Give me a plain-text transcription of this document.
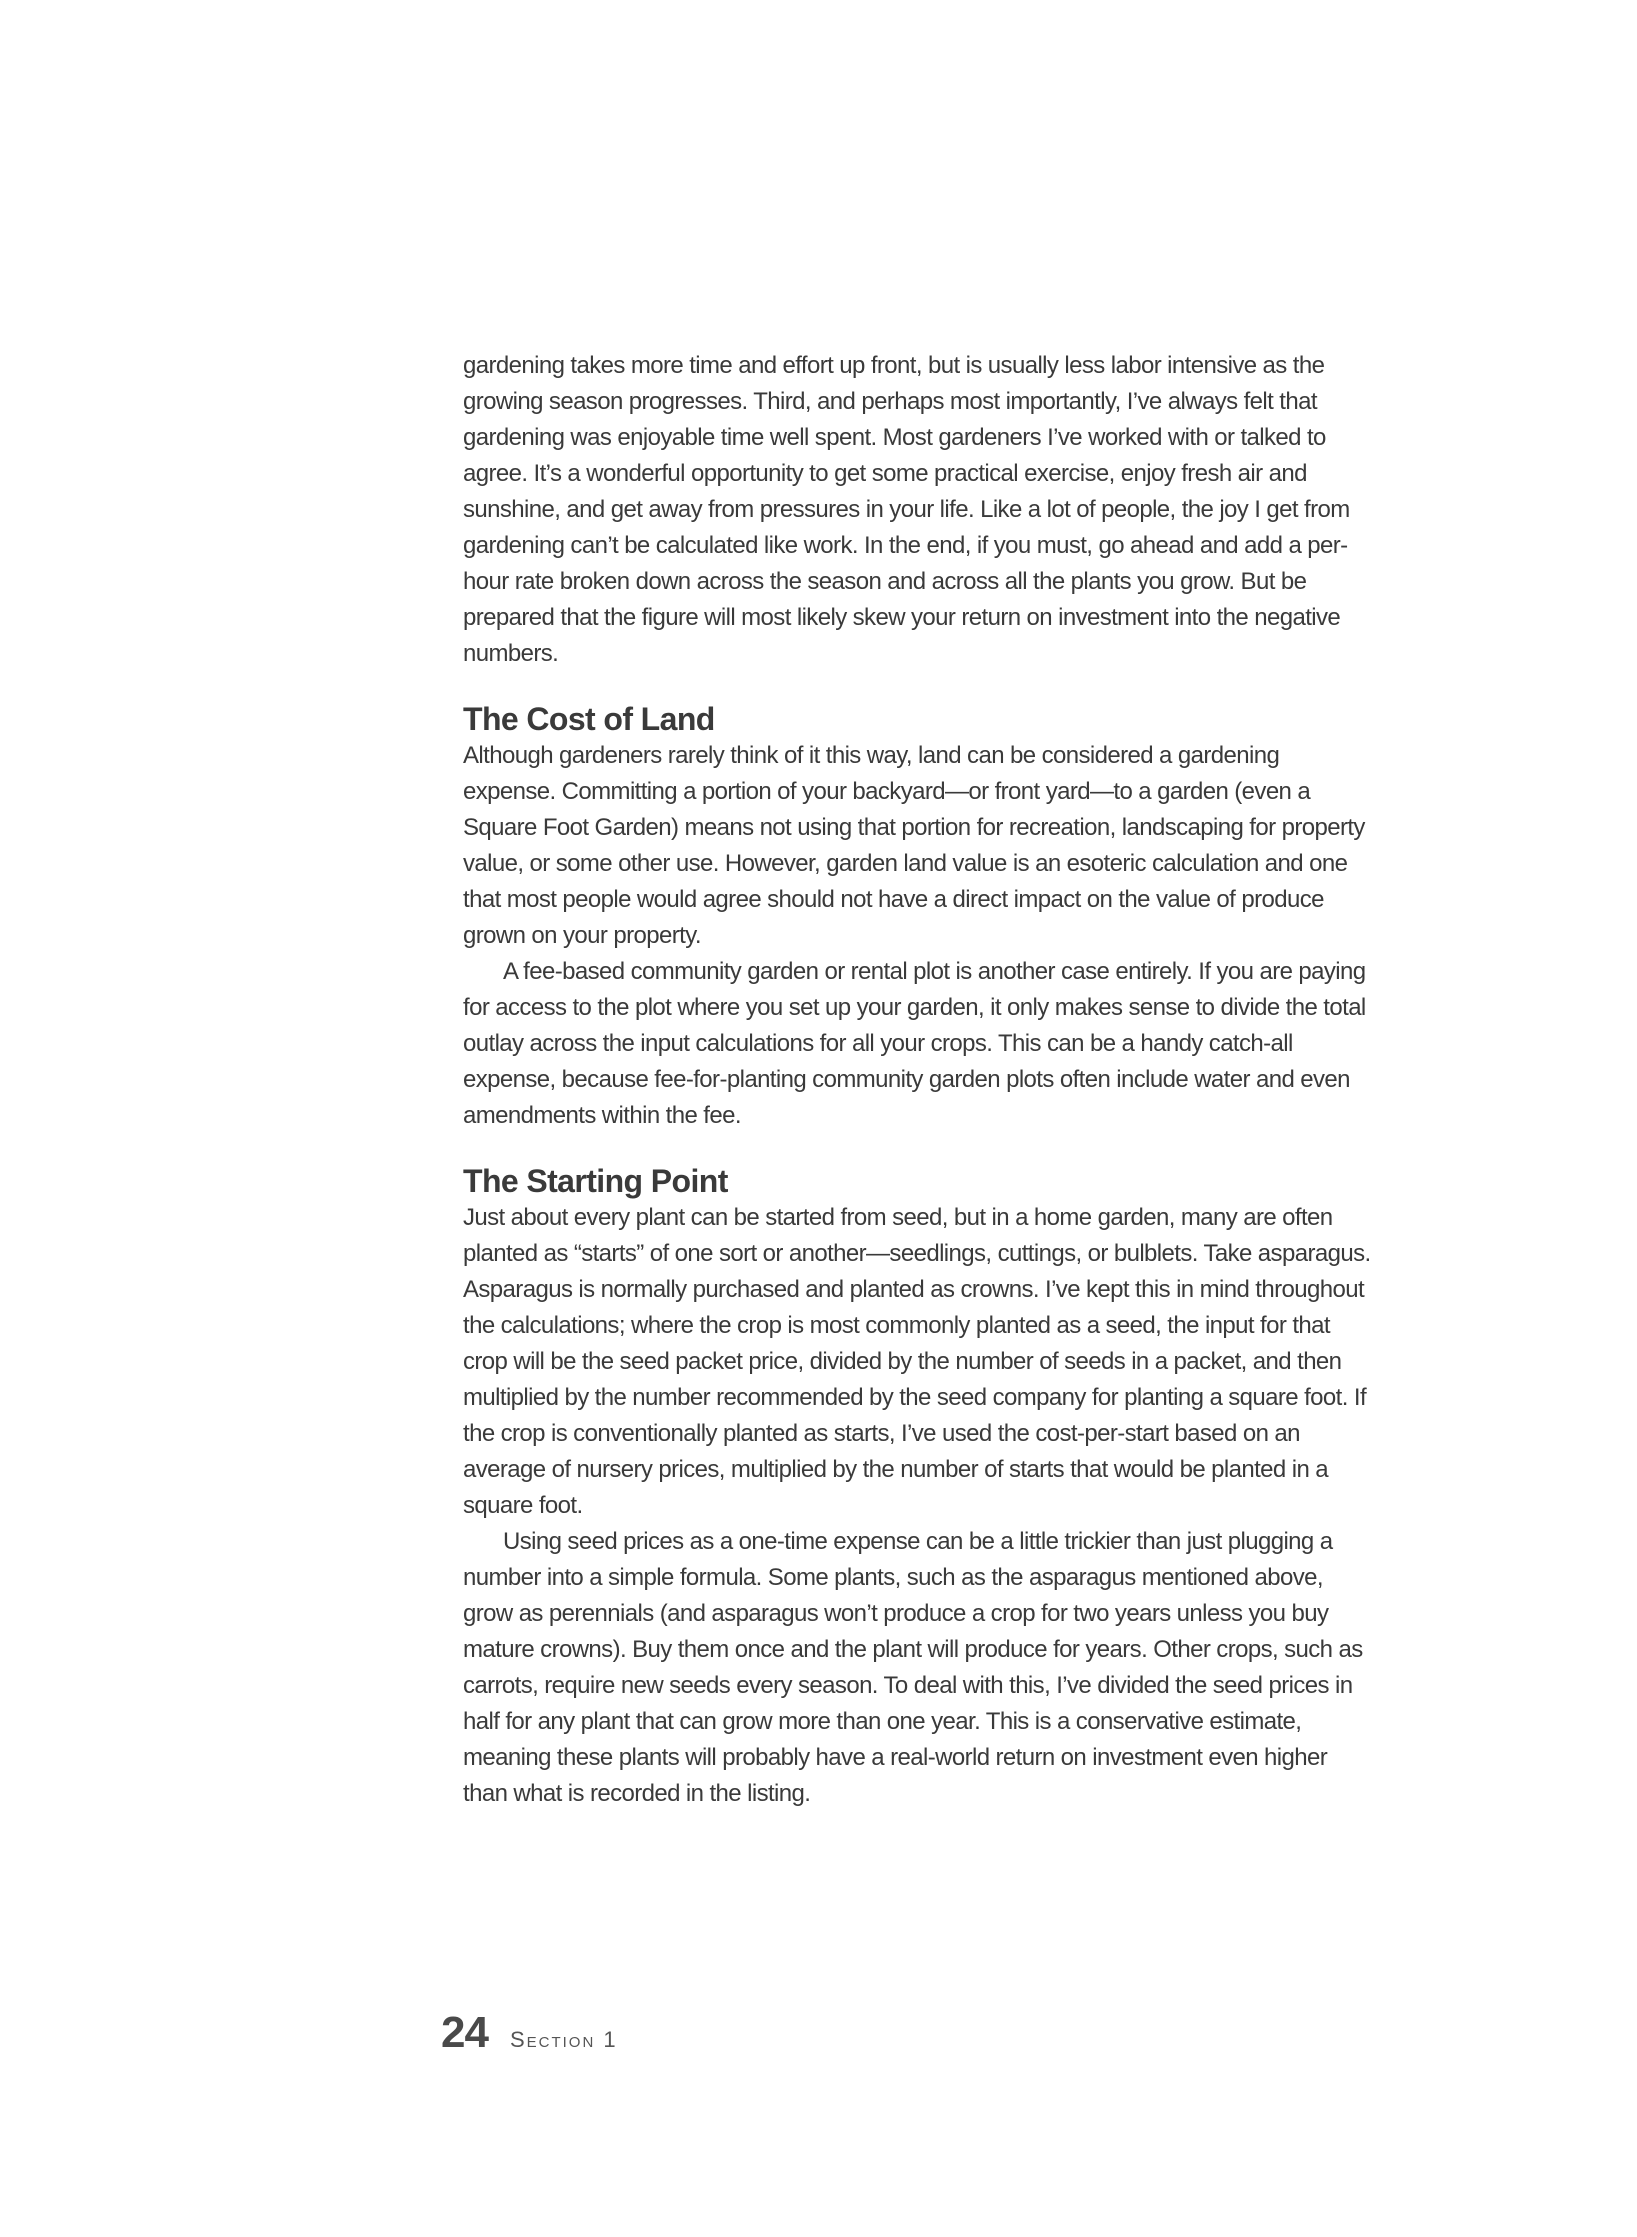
gardening takes more time and effort up front, but is usually less labor intensive as the growing season progresses. Third, and perhaps most importantly, I’ve always felt that gardening was enjoyable time well spent. Most gardeners I’ve worked with or talked to agree. It’s a wonderful opportunity to get some practical exercise, enjoy fresh air and sunshine, and get away from pressures in your life. Like a lot of people, the joy I get from gardening can’t be calculated like work. In the end, if you must, go ahead and add a per-hour rate broken down across the season and across all the plants you grow. But be prepared that the figure will most likely skew your return on investment into the negative numbers.

The Cost of Land

Although gardeners rarely think of it this way, land can be considered a gardening expense. Committing a portion of your backyard—or front yard—to a garden (even a Square Foot Garden) means not using that portion for recreation, landscaping for property value, or some other use. However, garden land value is an esoteric calculation and one that most people would agree should not have a direct impact on the value of produce grown on your property.

A fee-based community garden or rental plot is another case entirely. If you are paying for access to the plot where you set up your garden, it only makes sense to divide the total outlay across the input calculations for all your crops. This can be a handy catch-all expense, because fee-for-planting community garden plots often include water and even amendments within the fee.

The Starting Point

Just about every plant can be started from seed, but in a home garden, many are often planted as “starts” of one sort or another—seedlings, cuttings, or bulblets. Take asparagus. Asparagus is normally purchased and planted as crowns. I’ve kept this in mind throughout the calculations; where the crop is most commonly planted as a seed, the input for that crop will be the seed packet price, divided by the number of seeds in a packet, and then multiplied by the number recommended by the seed company for planting a square foot. If the crop is conventionally planted as starts, I’ve used the cost-per-start based on an average of nursery prices, multiplied by the number of starts that would be planted in a square foot.

Using seed prices as a one-time expense can be a little trickier than just plugging a number into a simple formula. Some plants, such as the asparagus mentioned above, grow as perennials (and asparagus won’t produce a crop for two years unless you buy mature crowns). Buy them once and the plant will produce for years. Other crops, such as carrots, require new seeds every season. To deal with this, I’ve divided the seed prices in half for any plant that can grow more than one year. This is a conservative estimate, meaning these plants will probably have a real-world return on investment even higher than what is recorded in the listing.

24 Section 1
